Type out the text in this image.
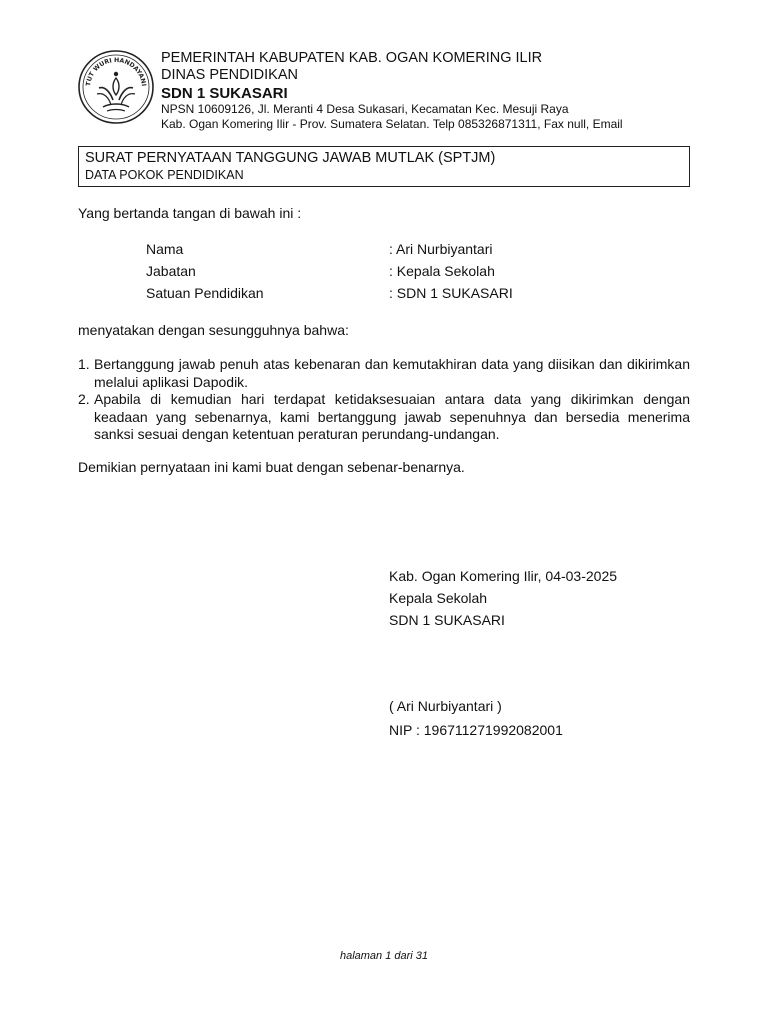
TUT WURI HANDAYANI
PEMERINTAH KABUPATEN KAB. OGAN KOMERING ILIR
DINAS PENDIDIKAN
SDN 1 SUKASARI
NPSN 10609126, Jl. Meranti 4 Desa Sukasari, Kecamatan Kec. Mesuji Raya
Kab. Ogan Komering Ilir - Prov. Sumatera Selatan. Telp 085326871311, Fax null, Email
SURAT PERNYATAAN TANGGUNG JAWAB MUTLAK (SPTJM)
DATA POKOK PENDIDIKAN
Yang bertanda tangan di bawah ini :
Nama	: Ari Nurbiyantari
Jabatan	: Kepala Sekolah
Satuan Pendidikan	: SDN 1 SUKASARI
menyatakan dengan sesungguhnya bahwa:
1. Bertanggung jawab penuh atas kebenaran dan kemutakhiran data yang diisikan dan dikirimkan melalui aplikasi Dapodik.
2. Apabila di kemudian hari terdapat ketidaksesuaian antara data yang dikirimkan dengan keadaan yang sebenarnya, kami bertanggung jawab sepenuhnya dan bersedia menerima sanksi sesuai dengan ketentuan peraturan perundang-undangan.
Demikian pernyataan ini kami buat dengan sebenar-benarnya.
Kab. Ogan Komering Ilir, 04-03-2025
Kepala Sekolah
SDN 1 SUKASARI
( Ari Nurbiyantari )
NIP : 196711271992082001
halaman 1 dari 31
